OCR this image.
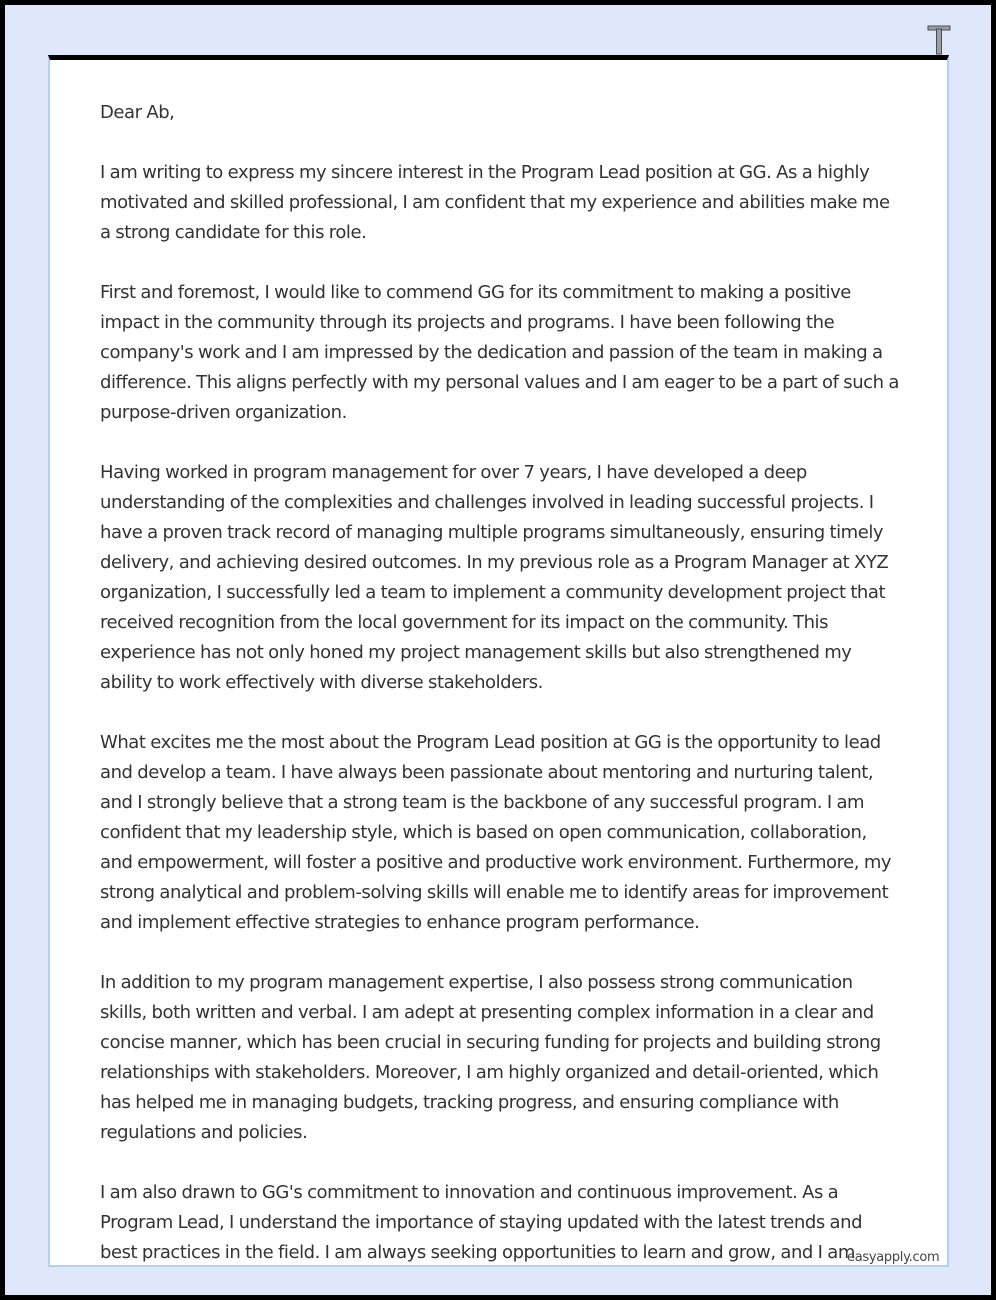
Dear Ab,

I am writing to express my sincere interest in the Program Lead position at GG. As a highly motivated and skilled professional, I am confident that my experience and abilities make me a strong candidate for this role.

First and foremost, I would like to commend GG for its commitment to making a positive impact in the community through its projects and programs. I have been following the company's work and I am impressed by the dedication and passion of the team in making a difference. This aligns perfectly with my personal values and I am eager to be a part of such a purpose-driven organization.

Having worked in program management for over 7 years, I have developed a deep understanding of the complexities and challenges involved in leading successful projects. I have a proven track record of managing multiple programs simultaneously, ensuring timely delivery, and achieving desired outcomes. In my previous role as a Program Manager at XYZ organization, I successfully led a team to implement a community development project that received recognition from the local government for its impact on the community. This experience has not only honed my project management skills but also strengthened my ability to work effectively with diverse stakeholders.

What excites me the most about the Program Lead position at GG is the opportunity to lead and develop a team. I have always been passionate about mentoring and nurturing talent, and I strongly believe that a strong team is the backbone of any successful program. I am confident that my leadership style, which is based on open communication, collaboration, and empowerment, will foster a positive and productive work environment. Furthermore, my strong analytical and problem-solving skills will enable me to identify areas for improvement and implement effective strategies to enhance program performance.

In addition to my program management expertise, I also possess strong communication skills, both written and verbal. I am adept at presenting complex information in a clear and concise manner, which has been crucial in securing funding for projects and building strong relationships with stakeholders. Moreover, I am highly organized and detail-oriented, which has helped me in managing budgets, tracking progress, and ensuring compliance with regulations and policies.

I am also drawn to GG's commitment to innovation and continuous improvement. As a Program Lead, I understand the importance of staying updated with the latest trends and best practices in the field. I am always seeking opportunities to learn and grow, and I am

easyapply.com
